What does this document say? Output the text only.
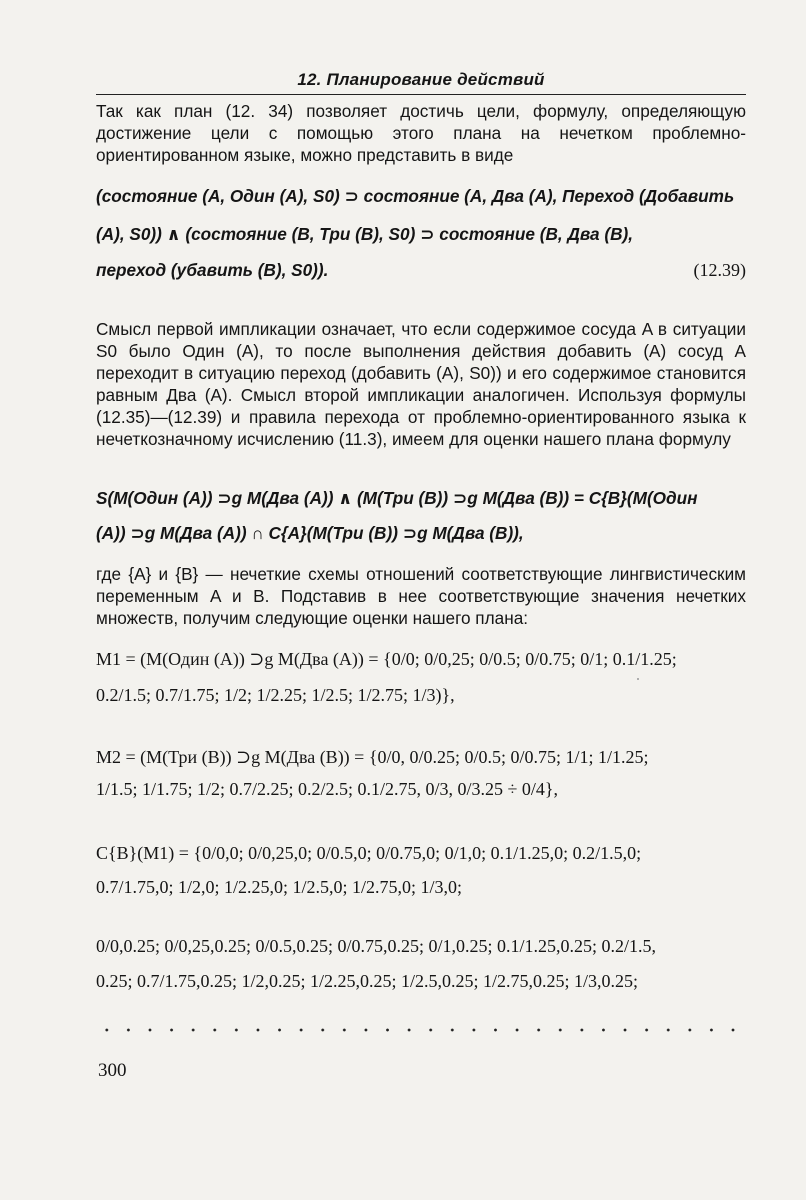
12. Планирование действий

Так как план (12. 34) позволяет достичь цели, формулу, определяющую достижение цели с помощью этого плана на нечетком проблемно-ориентированном языке, можно представить в виде

(состояние (A, Один (A), S0) ⊃ состояние (A, Два (A), Переход (Добавить
(A), S0)) ∧ (состояние (B, Три (B), S0) ⊃ состояние (B, Два (B),
переход (убавить (B), S0)).	(12.39)

Смысл первой импликации означает, что если содержимое сосуда A в ситуации S0 было Один (A), то после выполнения действия добавить (A) сосуд A переходит в ситуацию переход (добавить (A), S0)) и его содержимое становится равным Два (A). Смысл второй импликации аналогичен. Используя формулы (12.35)—(12.39) и правила перехода от проблемно-ориентированного языка к нечеткозначному исчислению (11.3), имеем для оценки нашего плана формулу

S(M(Один (A)) ⊃g M(Два (A)) ∧ (M(Три (B)) ⊃g M(Два (B)) = C{B}(M(Один
(A)) ⊃g M(Два (A)) ∩ C{A}(M(Три (B)) ⊃g M(Два (B)),

где {A} и {B} — нечеткие схемы отношений соответствующие лингвистическим переменным A и B. Подставив в нее соответствующие значения нечетких множеств, получим следующие оценки нашего плана:

M1 = (M(Один (A)) ⊃g M(Два (A)) = {0/0; 0/0,25; 0/0.5; 0/0.75; 0/1; 0.1/1.25;
0.2/1.5; 0.7/1.75; 1/2; 1/2.25; 1/2.5; 1/2.75; 1/3)},
M2 = (M(Три (B)) ⊃g M(Два (B)) = {0/0, 0/0.25; 0/0.5; 0/0.75; 1/1; 1/1.25;
1/1.5; 1/1.75; 1/2; 0.7/2.25; 0.2/2.5; 0.1/2.75, 0/3, 0/3.25 ÷ 0/4},
C{B}(M1) = {0/0,0; 0/0,25,0; 0/0.5,0; 0/0.75,0; 0/1,0; 0.1/1.25,0; 0.2/1.5,0;
0.7/1.75,0; 1/2,0; 1/2.25,0; 1/2.5,0; 1/2.75,0; 1/3,0;
0/0,0.25; 0/0,25,0.25; 0/0.5,0.25; 0/0.75,0.25; 0/1,0.25; 0.1/1.25,0.25; 0.2/1.5,
0.25; 0.7/1.75,0.25; 1/2,0.25; 1/2.25,0.25; 1/2.5,0.25; 1/2.75,0.25; 1/3,0.25;
300
